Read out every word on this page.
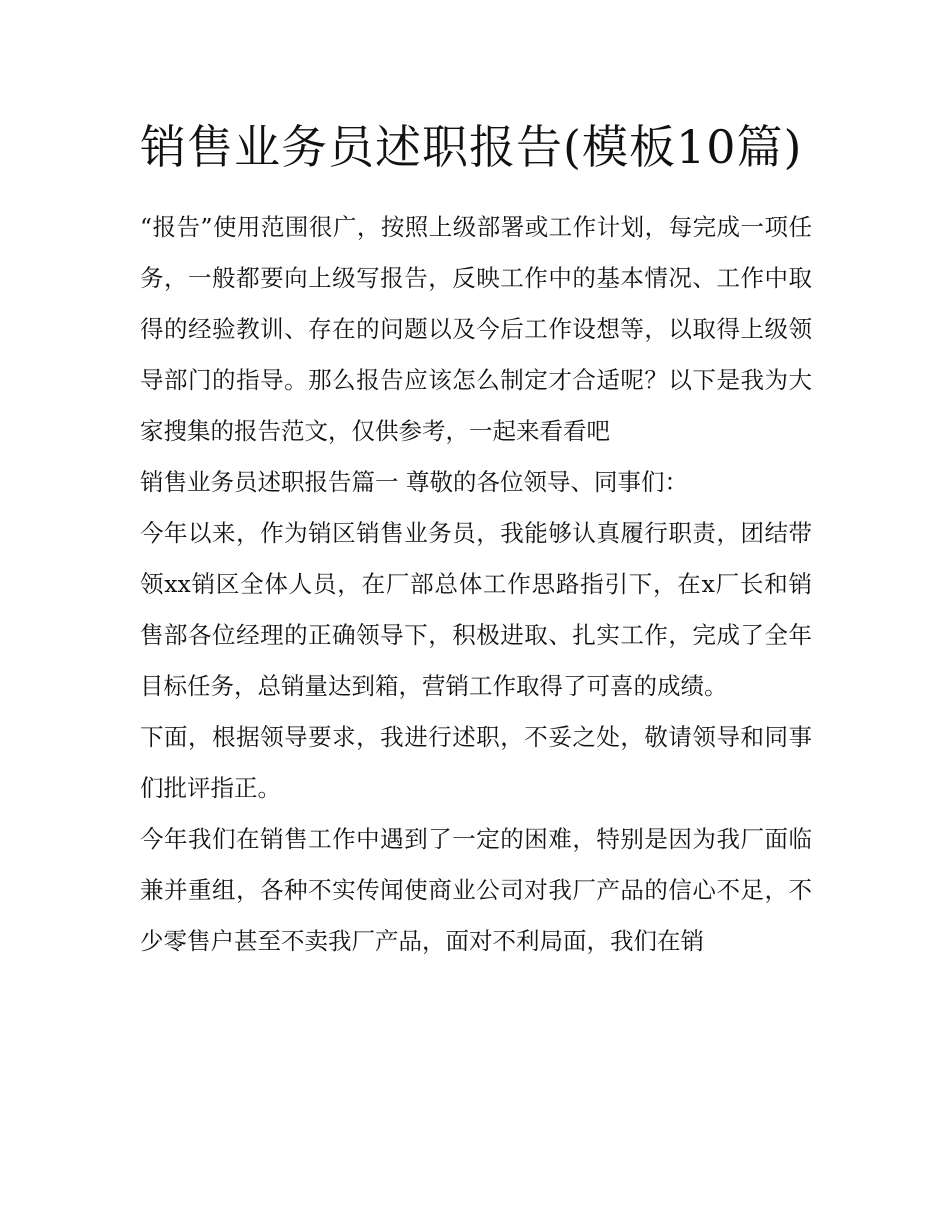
销售业务员述职报告(模板10篇)

“报告”使用范围很广，按照上级部署或工作计划，每完成一项任务，一般都要向上级写报告，反映工作中的基本情况、工作中取得的经验教训、存在的问题以及今后工作设想等，以取得上级领导部门的指导。那么报告应该怎么制定才合适呢？以下是我为大家搜集的报告范文，仅供参考，一起来看看吧

销售业务员述职报告篇一 尊敬的各位领导、同事们：

今年以来，作为销区销售业务员，我能够认真履行职责，团结带领xx销区全体人员，在厂部总体工作思路指引下，在x厂长和销售部各位经理的正确领导下，积极进取、扎实工作，完成了全年目标任务，总销量达到箱，营销工作取得了可喜的成绩。

下面，根据领导要求，我进行述职，不妥之处，敬请领导和同事们批评指正。

今年我们在销售工作中遇到了一定的困难，特别是因为我厂面临兼并重组，各种不实传闻使商业公司对我厂产品的信心不足，不少零售户甚至不卖我厂产品，面对不利局面，我们在销
